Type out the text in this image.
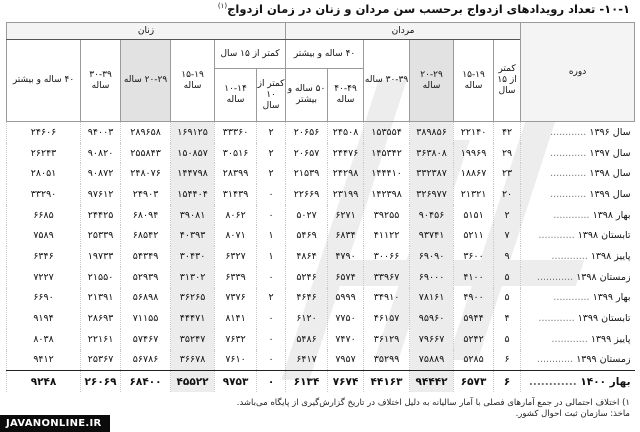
۱۰-۱- تعداد رویدادهای ازدواج برحسب سن مردان و زنان در زمان ازدواج$^{(۱)}$
دوره	مردان						زنان					
	کمتر از ۱۵ سال	۱۵-۱۹ ساله	۲۰-۲۹ ساله	۳۰-۳۹ ساله	۴۰ ساله و بیشتر		کمتر از ۱۵ سال		۱۵-۱۹ ساله	۲۰-۲۹ ساله	۳۰-۳۹ ساله	۴۰ ساله و بیشتر
					۴۰-۴۹ ساله	۵۰ ساله و بیشتر	کمتر از ۱۰ سال	۱۰-۱۴ ساله				
سال ۱۳۹۶ ............	۴۲	۲۲۱۴۰	۳۸۹۸۵۶	۱۵۳۵۵۴	۲۴۵۰۸	۲۰۶۵۶	۲	۳۳۳۶۰	۱۶۹۱۲۵	۲۸۹۶۵۸	۹۴۰۰۳	۲۴۶۰۶
سال ۱۳۹۷ ............	۲۹	۱۹۹۶۹	۳۶۳۸۰۸	۱۴۵۳۴۲	۲۴۴۷۶	۲۰۶۵۷	۲	۳۰۵۱۶	۱۵۰۸۵۷	۲۵۵۸۴۳	۹۰۸۲۰	۲۶۲۴۳
سال ۱۳۹۸ ............	۲۳	۱۸۸۶۷	۳۳۲۳۸۷	۱۴۴۴۱۰	۲۴۲۹۸	۲۱۵۳۹	۲	۲۸۳۹۹	۱۴۴۷۹۸	۲۴۸۰۷۶	۹۰۸۷۲	۲۸۰۵۱
سال ۱۳۹۹ ............	۲۰	۲۱۳۲۱	۳۲۶۹۷۷	۱۴۲۳۹۸	۲۳۱۹۹	۲۲۶۶۹	۰	۳۱۴۳۹	۱۵۴۴۰۴	۲۴۹۰۳	۹۷۶۱۲	۳۳۲۹۰
بهار ۱۳۹۸ ............	۲	۵۱۵۱	۹۰۴۵۶	۳۹۲۵۵	۶۲۷۱	۵۰۲۷	۰	۸۰۶۲	۳۹۰۸۱	۶۸۰۹۴	۲۴۴۲۵	۶۶۸۵
تابستان ۱۳۹۸ ............	۷	۵۲۱۱	۹۳۷۴۱	۴۱۱۲۲	۶۸۳۴	۵۴۶۹	۱	۸۰۷۱	۴۰۳۹۳	۶۸۵۴۲	۲۵۳۳۹	۷۵۸۹
پاییز ۱۳۹۸ ............	۹	۳۶۰۰	۶۹۰۹۰	۳۰۰۶۶	۴۷۹۰	۴۸۶۴	۱	۶۳۲۷	۳۰۴۳۰	۵۴۳۴۹	۱۹۷۳۳	۶۳۴۶
زمستان ۱۳۹۸ ............	۵	۴۱۰۰	۶۹۰۰۰	۳۳۹۶۷	۶۵۷۴	۵۲۴۶	۰	۶۳۳۹	۳۱۳۰۲	۵۲۹۳۹	۲۱۵۵۰	۷۲۲۷
بهار ۱۳۹۹ ............	۵	۴۹۰۰	۷۸۱۶۱	۳۴۹۱۰	۵۹۹۹	۴۶۴۶	۲	۷۳۷۶	۳۶۲۶۵	۵۶۸۹۸	۲۱۳۹۱	۶۶۹۰
تابستان ۱۳۹۹ ............	۴	۵۹۴۴	۹۵۹۶۰	۴۶۱۵۷	۷۷۵۰	۶۱۲۰	۰	۸۱۴۱	۴۴۴۷۱	۷۱۱۵۵	۲۸۶۹۳	۹۱۹۴
پاییز ۱۳۹۹ ............	۵	۵۲۴۲	۷۹۶۶۷	۳۶۱۲۹	۷۴۷۰	۵۴۸۶	۰	۷۶۳۲	۳۵۲۴۷	۵۷۴۶۷	۲۲۱۶۱	۸۰۳۸
زمستان ۱۳۹۹ ............	۶	۵۲۸۵	۷۵۸۸۹	۳۵۲۹۹	۷۹۵۷	۶۴۱۷	۰	۷۶۱۰	۳۶۶۷۸	۵۶۷۸۶	۲۵۳۶۷	۹۴۱۲
بهار ۱۴۰۰ ............	۶	۶۵۷۳	۹۴۴۴۲	۴۴۱۶۳	۷۶۷۴	۶۱۳۴	۰	۹۷۵۳	۴۵۵۲۲	۶۸۴۰۰	۲۶۰۶۹	۹۲۴۸
۱) اختلاف احتمالی در جمع آمارهای فصلی با آمار سالیانه به دلیل اختلاف در تاریخ گزارش‌گیری از پایگاه می‌باشد.
ماخذ: سازمان ثبت احوال کشور.
JAVANONLINE.IR
